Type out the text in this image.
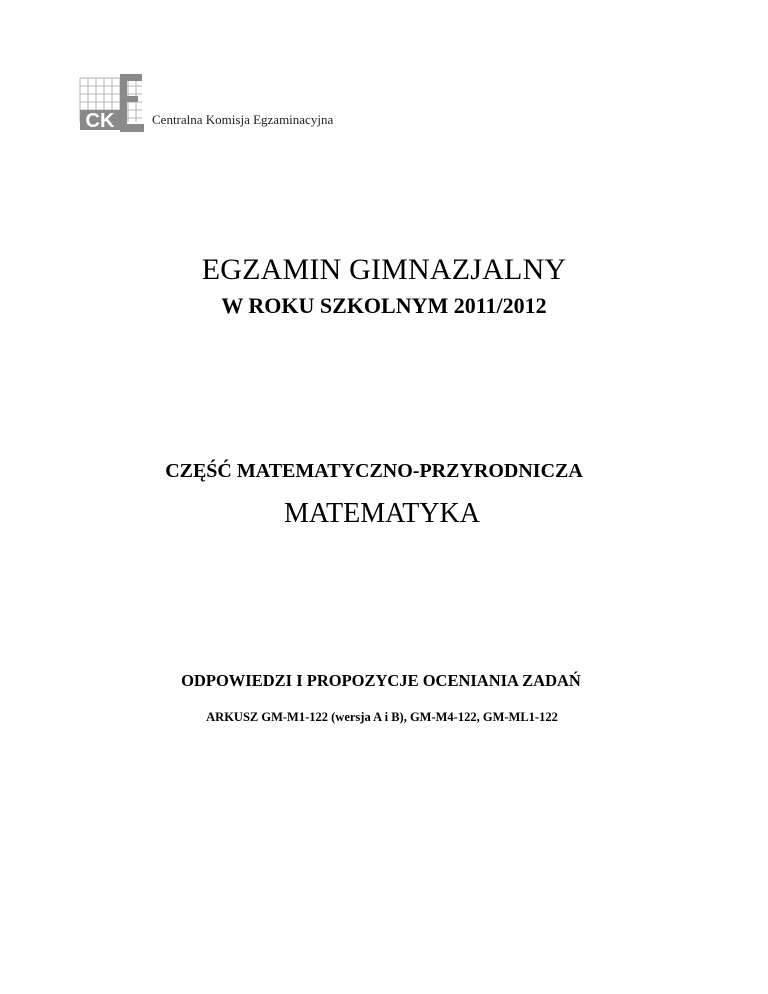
CK	Centralna Komisja Egzaminacyjna
EGZAMIN GIMNAZJALNY
W ROKU SZKOLNYM 2011/2012
CZĘŚĆ MATEMATYCZNO-PRZYRODNICZA
MATEMATYKA
ODPOWIEDZI I PROPOZYCJE OCENIANIA ZADAŃ
ARKUSZ GM-M1-122 (wersja A i B), GM-M4-122, GM-ML1-122
